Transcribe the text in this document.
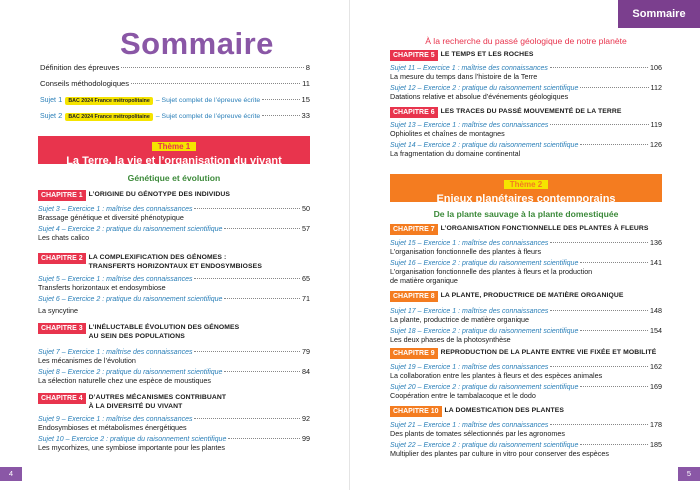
Sommaire
Définition des épreuves	8
Conseils méthodologiques	11
Sujet 1 BAC 2024 France métropolitaine – Sujet complet de l’épreuve écrite	15
Sujet 2 BAC 2024 France métropolitaine – Sujet complet de l’épreuve écrite	33
Thème 1
La Terre, la vie et l’organisation du vivant
Génétique et évolution
CHAPITRE 1 L’ORIGINE DU GÉNOTYPE DES INDIVIDUS
Sujet 3 – Exercice 1 : maîtrise des connaissances	50
Brassage génétique et diversité phénotypique
Sujet 4 – Exercice 2 : pratique du raisonnement scientifique	57
Les chats calico
CHAPITRE 2 LA COMPLEXIFICATION DES GÉNOMES :
TRANSFERTS HORIZONTAUX ET ENDOSYMBIOSES
Sujet 5 – Exercice 1 : maîtrise des connaissances	65
Transferts horizontaux et endosymbiose
Sujet 6 – Exercice 2 : pratique du raisonnement scientifique	71
La syncytine
CHAPITRE 3 L’INÉLUCTABLE ÉVOLUTION DES GÉNOMES
AU SEIN DES POPULATIONS
Sujet 7 – Exercice 1 : maîtrise des connaissances	79
Les mécanismes de l’évolution
Sujet 8 – Exercice 2 : pratique du raisonnement scientifique	84
La sélection naturelle chez une espèce de moustiques
CHAPITRE 4 D’AUTRES MÉCANISMES CONTRIBUANT
À LA DIVERSITÉ DU VIVANT
Sujet 9 – Exercice 1 : maîtrise des connaissances	92
Endosymbioses et métabolismes énergétiques
Sujet 10 – Exercice 2 : pratique du raisonnement scientifique	99
Les mycorhizes, une symbiose importante pour les plantes
4
Sommaire
À la recherche du passé géologique de notre planète
CHAPITRE 5 LE TEMPS ET LES ROCHES
Sujet 11 – Exercice 1 : maîtrise des connaissances	106
La mesure du temps dans l’histoire de la Terre
Sujet 12 – Exercice 2 : pratique du raisonnement scientifique	112
Datations relative et absolue d’événements géologiques
CHAPITRE 6 LES TRACES DU PASSÉ MOUVEMENTÉ DE LA TERRE
Sujet 13 – Exercice 1 : maîtrise des connaissances	119
Ophiolites et chaînes de montagnes
Sujet 14 – Exercice 2 : pratique du raisonnement scientifique	126
La fragmentation du domaine continental
Thème 2
Enjeux planétaires contemporains
De la plante sauvage à la plante domestiquée
CHAPITRE 7 L’ORGANISATION FONCTIONNELLE DES PLANTES À FLEURS
Sujet 15 – Exercice 1 : maîtrise des connaissances	136
L’organisation fonctionnelle des plantes à fleurs
Sujet 16 – Exercice 2 : pratique du raisonnement scientifique	141
L’organisation fonctionnelle des plantes à fleurs et la production
de matière organique
CHAPITRE 8 LA PLANTE, PRODUCTRICE DE MATIÈRE ORGANIQUE
Sujet 17 – Exercice 1 : maîtrise des connaissances	148
La plante, productrice de matière organique
Sujet 18 – Exercice 2 : pratique du raisonnement scientifique	154
Les deux phases de la photosynthèse
CHAPITRE 9 REPRODUCTION DE LA PLANTE ENTRE VIE FIXÉE ET MOBILITÉ
Sujet 19 – Exercice 1 : maîtrise des connaissances	162
La collaboration entre les plantes à fleurs et des espèces animales
Sujet 20 – Exercice 2 : pratique du raisonnement scientifique	169
Coopération entre le tambalacoque et le dodo
CHAPITRE 10 LA DOMESTICATION DES PLANTES
Sujet 21 – Exercice 1 : maîtrise des connaissances	178
Des plants de tomates sélectionnés par les agronomes
Sujet 22 – Exercice 2 : pratique du raisonnement scientifique	185
Multiplier des plantes par culture in vitro pour conserver des espèces
5
